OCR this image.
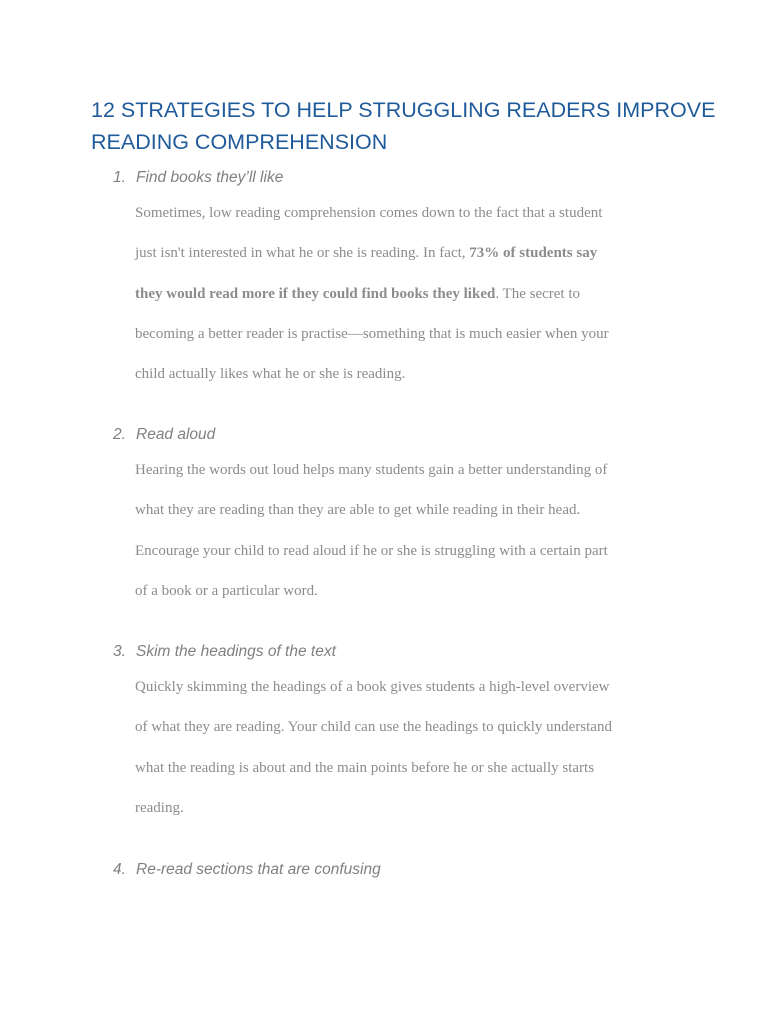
12 STRATEGIES TO HELP STRUGGLING READERS IMPROVE
READING COMPREHENSION
1. Find books they’ll like
Sometimes, low reading comprehension comes down to the fact that a student
just isn't interested in what he or she is reading. In fact, 73% of students say
they would read more if they could find books they liked. The secret to
becoming a better reader is practise—something that is much easier when your
child actually likes what he or she is reading.
2. Read aloud
Hearing the words out loud helps many students gain a better understanding of
what they are reading than they are able to get while reading in their head.
Encourage your child to read aloud if he or she is struggling with a certain part
of a book or a particular word.
3. Skim the headings of the text
Quickly skimming the headings of a book gives students a high-level overview
of what they are reading. Your child can use the headings to quickly understand
what the reading is about and the main points before he or she actually starts
reading.
4. Re-read sections that are confusing
